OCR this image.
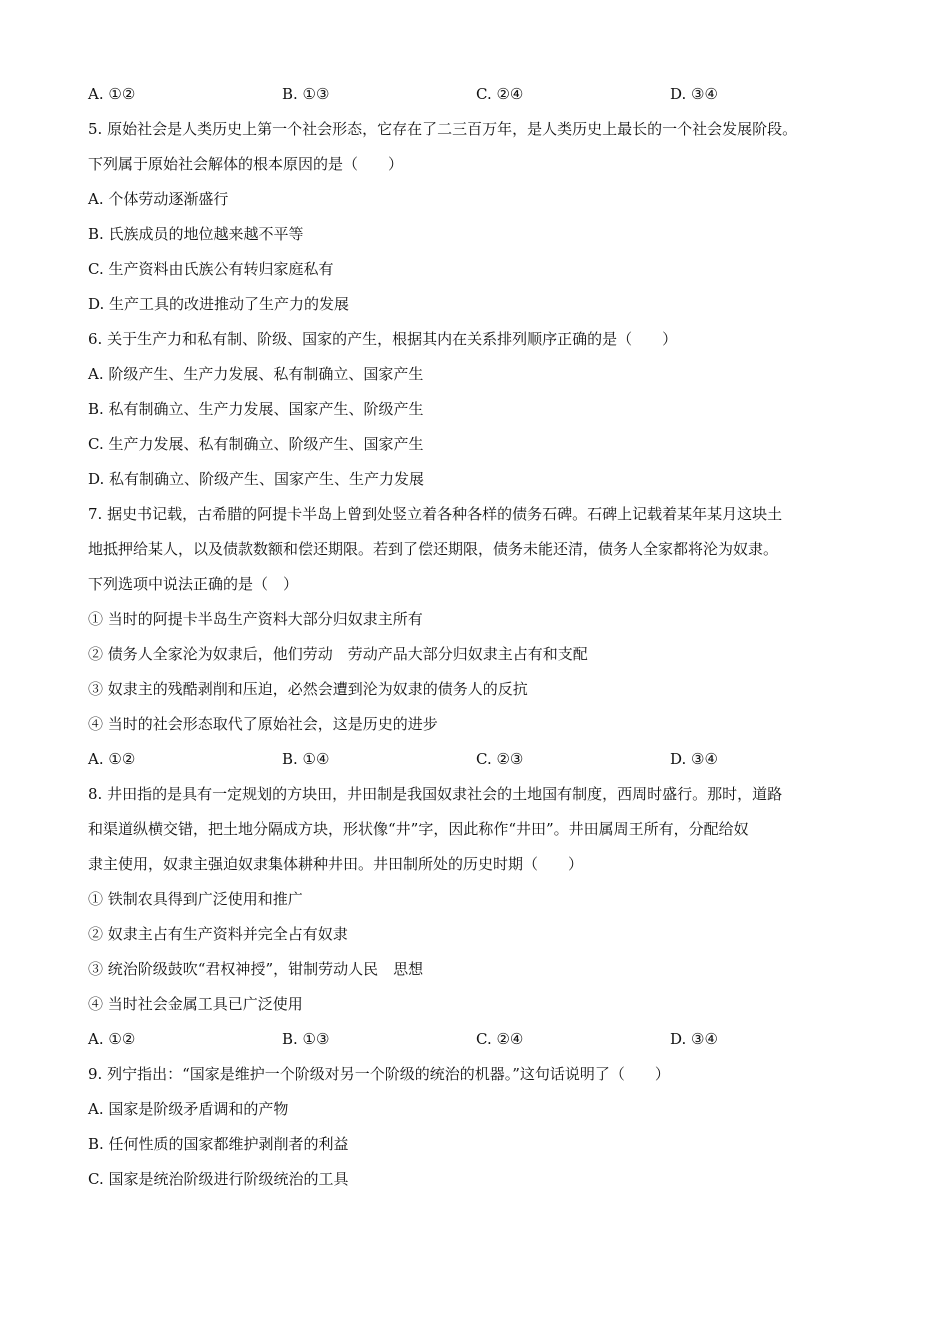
A. ①②	B. ①③	C. ②④	D. ③④
5. 原始社会是人类历史上第一个社会形态，它存在了二三百万年，是人类历史上最长的一个社会发展阶段。
下列属于原始社会解体的根本原因的是（　　）
A. 个体劳动逐渐盛行
B. 氏族成员的地位越来越不平等
C. 生产资料由氏族公有转归家庭私有
D. 生产工具的改进推动了生产力的发展
6. 关于生产力和私有制、阶级、国家的产生，根据其内在关系排列顺序正确的是（　　）
A. 阶级产生、生产力发展、私有制确立、国家产生
B. 私有制确立、生产力发展、国家产生、阶级产生
C. 生产力发展、私有制确立、阶级产生、国家产生
D. 私有制确立、阶级产生、国家产生、生产力发展
7. 据史书记载，古希腊的阿提卡半岛上曾到处竖立着各种各样的债务石碑。石碑上记载着某年某月这块土
地抵押给某人，以及债款数额和偿还期限。若到了偿还期限，债务未能还清，债务人全家都将沦为奴隶。
下列选项中说法正确的是（　）
① 当时的阿提卡半岛生产资料大部分归奴隶主所有
② 债务人全家沦为奴隶后，他们劳动　劳动产品大部分归奴隶主占有和支配
③ 奴隶主的残酷剥削和压迫，必然会遭到沦为奴隶的债务人的反抗
④ 当时的社会形态取代了原始社会，这是历史的进步
A. ①②	B. ①④	C. ②③	D. ③④
8. 井田指的是具有一定规划的方块田，井田制是我国奴隶社会的土地国有制度，西周时盛行。那时，道路
和渠道纵横交错，把土地分隔成方块，形状像“井”字，因此称作“井田”。井田属周王所有，分配给奴
隶主使用，奴隶主强迫奴隶集体耕种井田。井田制所处的历史时期（　　）
① 铁制农具得到广泛使用和推广
② 奴隶主占有生产资料并完全占有奴隶
③ 统治阶级鼓吹“君权神授”，钳制劳动人民　思想
④ 当时社会金属工具已广泛使用
A. ①②	B. ①③	C. ②④	D. ③④
9. 列宁指出：“国家是维护一个阶级对另一个阶级的统治的机器。”这句话说明了（　　）
A. 国家是阶级矛盾调和的产物
B. 任何性质的国家都维护剥削者的利益
C. 国家是统治阶级进行阶级统治的工具
